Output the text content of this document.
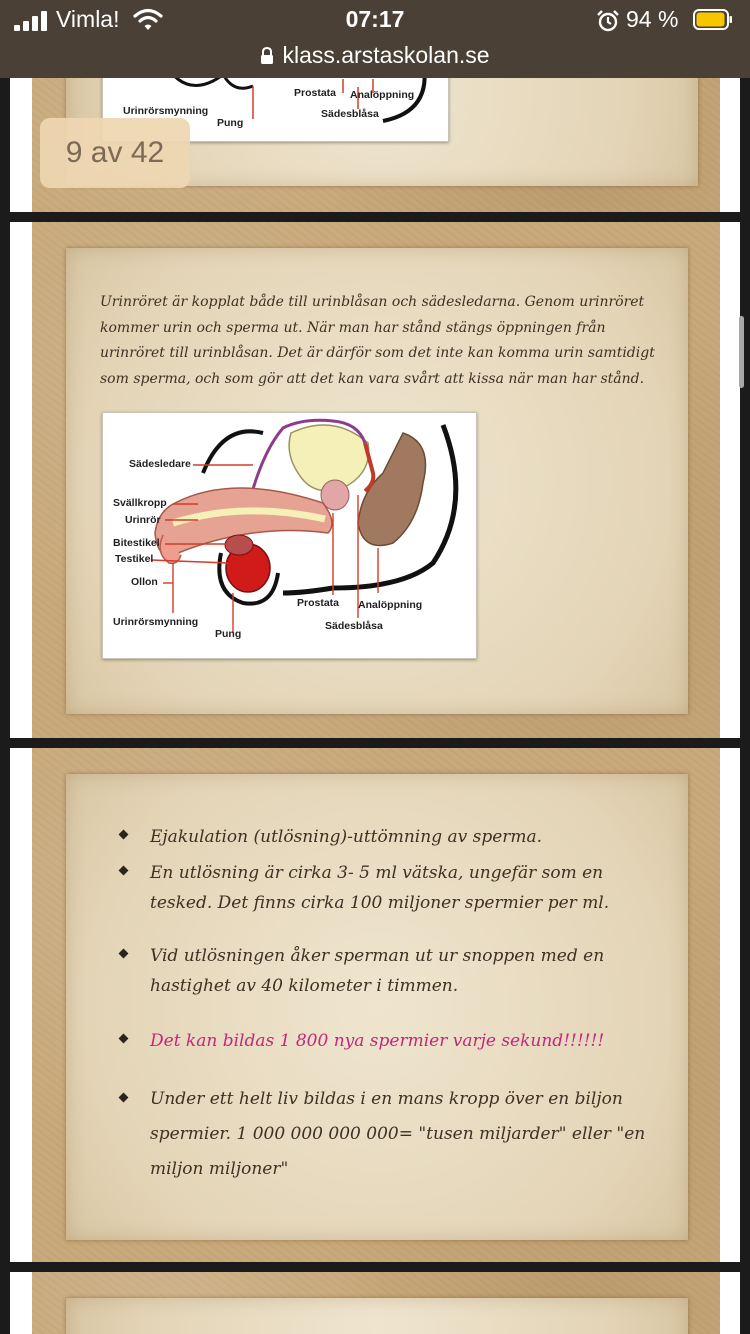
Vimla!	07:17	94 %
klass.arstaskolan.se
Urinrörsmynning
Pung
Prostata Analöppning
Sädesblåsa
9 av 42
Urinröret är kopplat både till urinblåsan och sädesledarna. Genom urinröret kommer urin och sperma ut. När man har stånd stängs öppningen från urinröret till urinblåsan. Det är därför som det inte kan komma urin samtidigt som sperma, och som gör att det kan vara svårt att kissa när man har stånd.
Sädesledare
Svällkropp
Urinrör
Bitestikel
Testikel
Ollon
Urinrörsmynning
Pung
Prostata Analöppning
Sädesblåsa
Ejakulation (utlösning)-uttömning av sperma.
En utlösning är cirka 3- 5 ml vätska, ungefär som en tesked. Det finns cirka 100 miljoner spermier per ml.
Vid utlösningen åker sperman ut ur snoppen med en hastighet av 40 kilometer i timmen.
Det kan bildas 1 800 nya spermier varje sekund!!!!!!
Under ett helt liv bildas i en mans kropp över en biljon spermier. 1 000 000 000 000= "tusen miljarder" eller "en miljon miljoner"
